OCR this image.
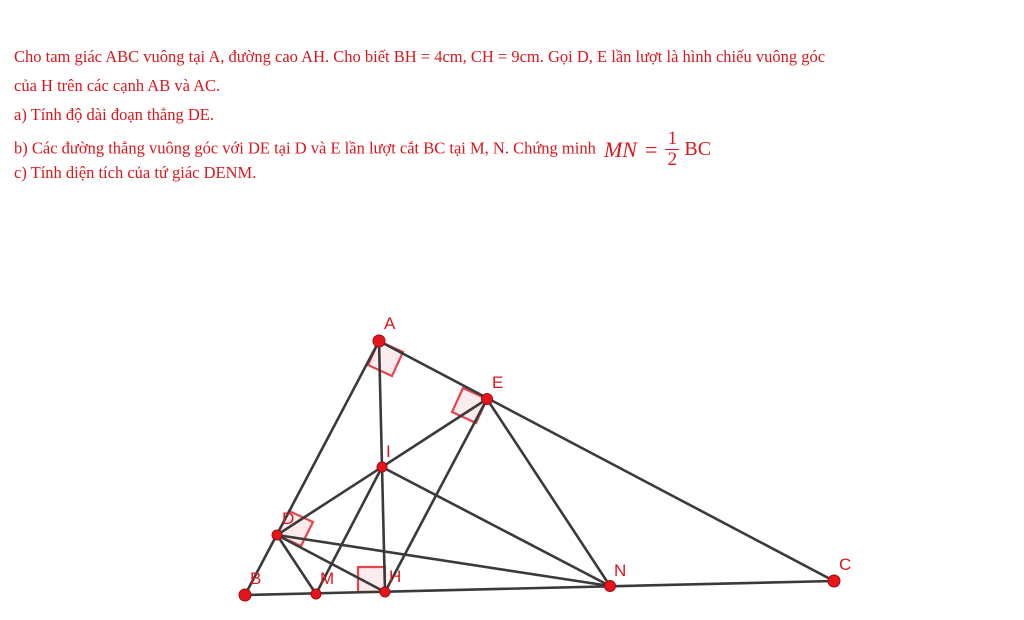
Cho tam giác ABC vuông tại A, đường cao AH. Cho biết BH = 4cm, CH = 9cm. Gọi D, E lần lượt là hình chiếu vuông góc
của H trên các cạnh AB và AC.
a) Tính độ dài đoạn thẳng DE.
b) Các đường thẳng vuông góc với DE tại D và E lần lượt cắt BC tại M, N. Chứng minh MN = $\frac{1}{2}$ BC
c) Tính diện tích của tứ giác DENM.
A
E
I
D
B	M	H	N	C
